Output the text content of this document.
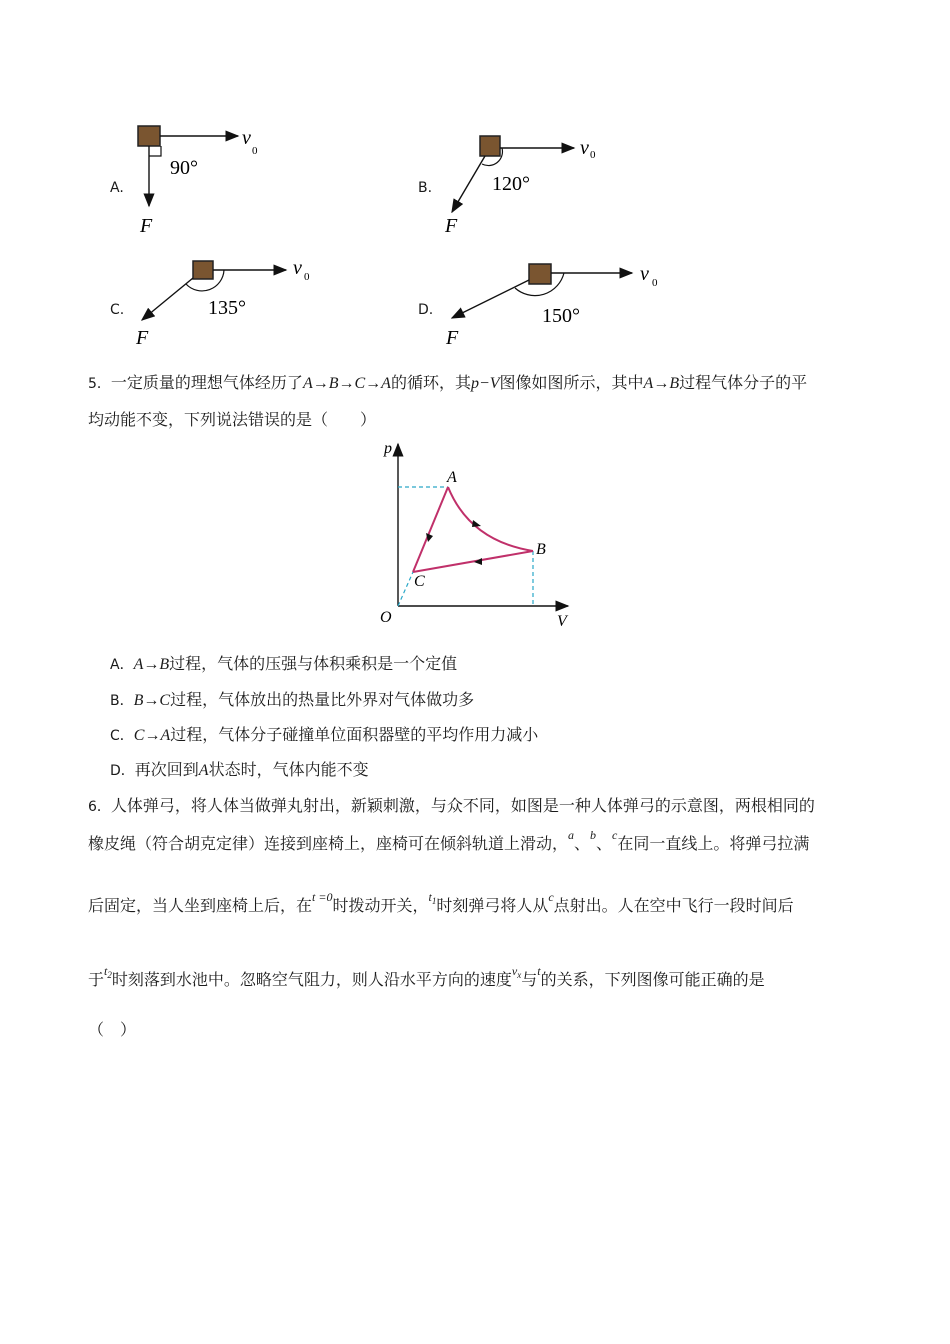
A.
90°
v
0
F
B.	120°
v 0
F
C.	135°
v 0
F
D.	150°
v 0
F
5．一定质量的理想气体经历了A→B→C→A的循环，其p−V图像如图所示，其中A→B过程气体分子的平
均动能不变，下列说法错误的是（　　）
p
V
O
A
B
C
A．A→B过程，气体的压强与体积乘积是一个定值
B．B→C过程，气体放出的热量比外界对气体做功多
C．C→A过程，气体分子碰撞单位面积器壁的平均作用力减小
D．再次回到A状态时，气体内能不变
6．人体弹弓，将人体当做弹丸射出，新颖刺激，与众不同，如图是一种人体弹弓的示意图，两根相同的
橡皮绳（符合胡克定律）连接到座椅上，座椅可在倾斜轨道上滑动，$^a$、$^b$、$^c$在同一直线上。将弹弓拉满
后固定，当人坐到座椅上后，在$^{t =0}$时拨动开关，$^{t_1}$时刻弹弓将人从$^c$点射出。人在空中飞行一段时间后
于$^{t_2}$时刻落到水池中。忽略空气阻力，则人沿水平方向的速度$^{v_x}$与$^t$的关系，下列图像可能正确的是
（　）
